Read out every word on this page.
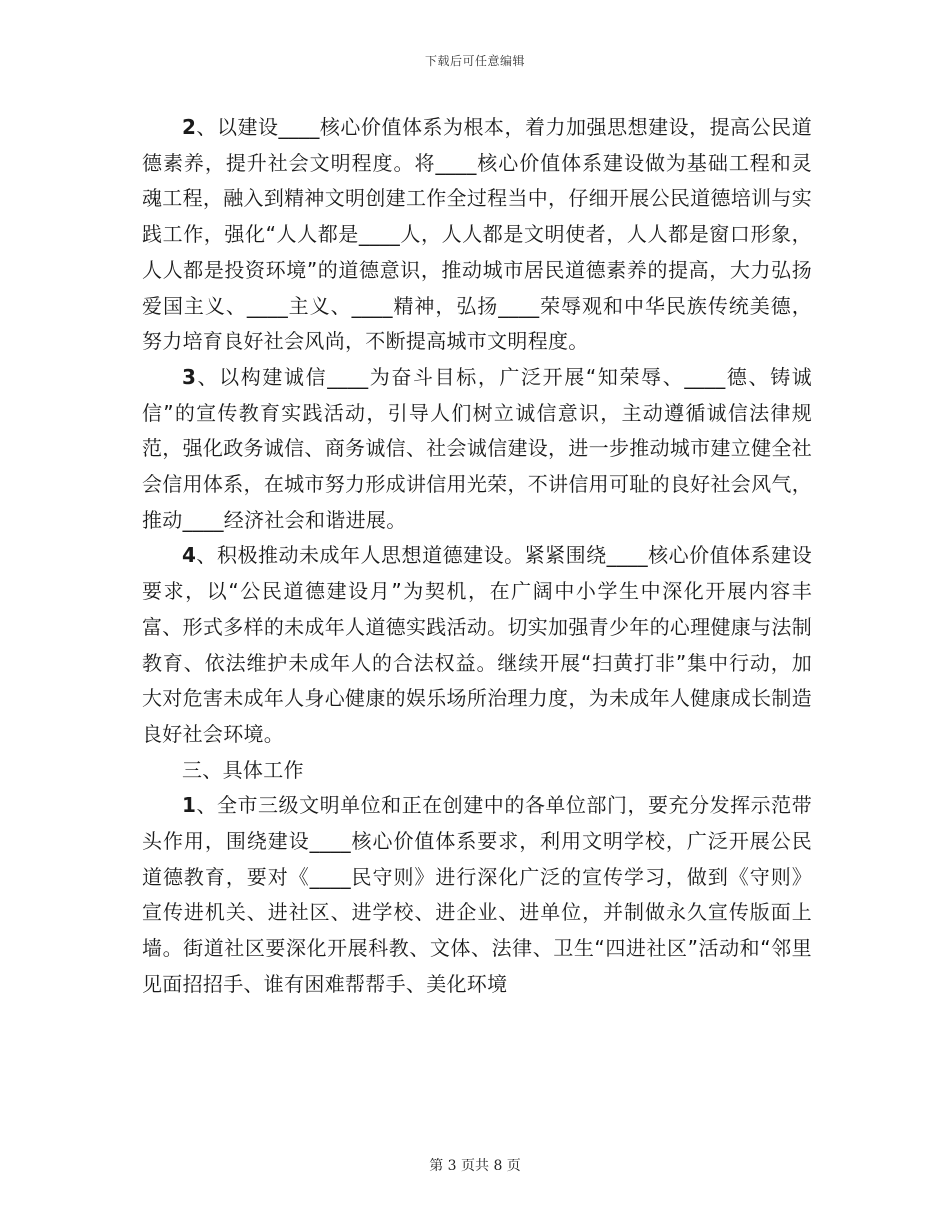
下载后可任意编辑

2、以建设____核心价值体系为根本，着力加强思想建设，提高公民道德素养，提升社会文明程度。将____核心价值体系建设做为基础工程和灵魂工程，融入到精神文明创建工作全过程当中，仔细开展公民道德培训与实践工作，强化“人人都是____人，人人都是文明使者，人人都是窗口形象，人人都是投资环境”的道德意识，推动城市居民道德素养的提高，大力弘扬爱国主义、____主义、____精神，弘扬____荣辱观和中华民族传统美德，努力培育良好社会风尚，不断提高城市文明程度。

3、以构建诚信____为奋斗目标，广泛开展“知荣辱、____德、铸诚信”的宣传教育实践活动，引导人们树立诚信意识，主动遵循诚信法律规范，强化政务诚信、商务诚信、社会诚信建设，进一步推动城市建立健全社会信用体系，在城市努力形成讲信用光荣，不讲信用可耻的良好社会风气，推动____经济社会和谐进展。

4、积极推动未成年人思想道德建设。紧紧围绕____核心价值体系建设要求，以“公民道德建设月”为契机，在广阔中小学生中深化开展内容丰富、形式多样的未成年人道德实践活动。切实加强青少年的心理健康与法制教育、依法维护未成年人的合法权益。继续开展“扫黄打非”集中行动，加大对危害未成年人身心健康的娱乐场所治理力度，为未成年人健康成长制造良好社会环境。

三、具体工作

1、全市三级文明单位和正在创建中的各单位部门，要充分发挥示范带头作用，围绕建设____核心价值体系要求，利用文明学校，广泛开展公民道德教育，要对《____民守则》进行深化广泛的宣传学习，做到《守则》宣传进机关、进社区、进学校、进企业、进单位，并制做永久宣传版面上墙。街道社区要深化开展科教、文体、法律、卫生“四进社区”活动和“邻里见面招招手、谁有困难帮帮手、美化环境

第 3 页共 8 页
